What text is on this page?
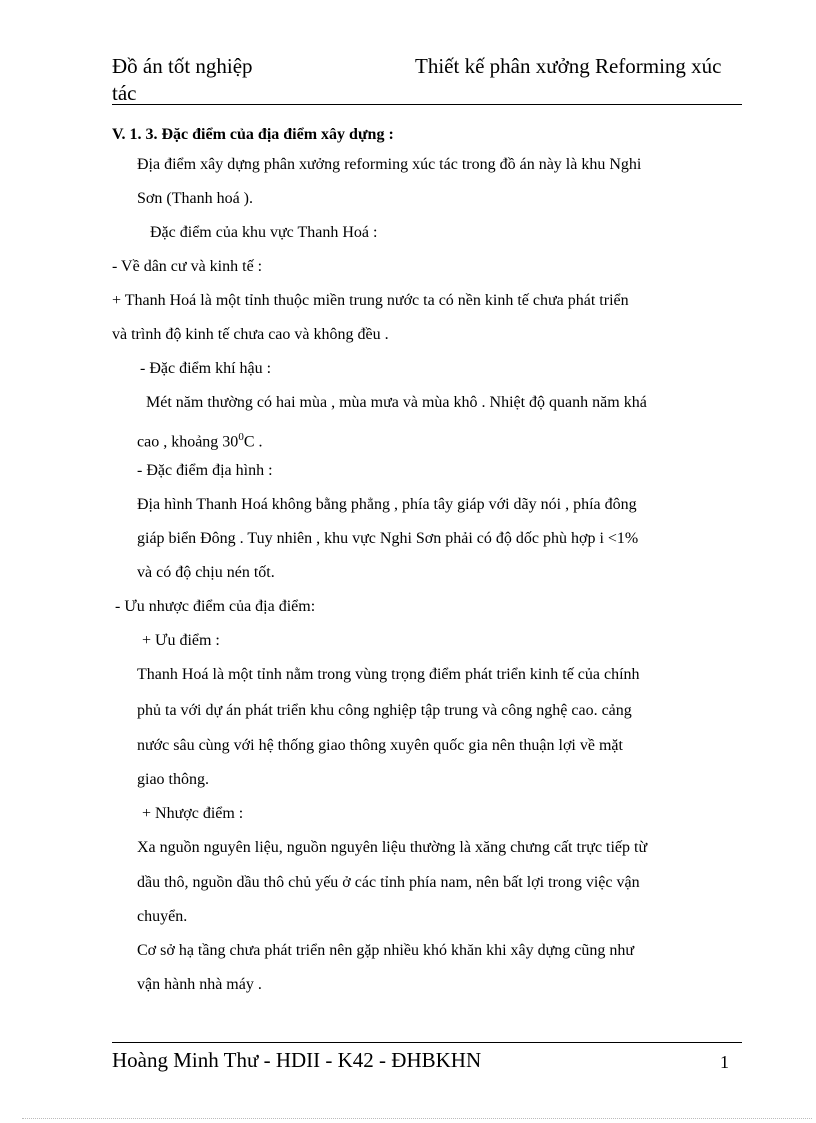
Đồ án tốt nghiệp tác
Thiết kế phân xưởng Reforming xúc
V. 1. 3. Đặc điểm của địa điểm xây dựng :
Địa điểm xây dựng phân xưởng reforming xúc tác trong đồ án này là khu Nghi
Sơn (Thanh hoá ).
Đặc điểm của khu vực Thanh Hoá :
- Về dân cư và kinh tế :
+ Thanh Hoá là một tỉnh thuộc miền trung nước ta có nền kinh tế chưa phát triển
và trình độ kinh tế chưa cao và không đều .
- Đặc điểm khí hậu :
Mét năm thường có hai mùa , mùa mưa và mùa khô . Nhiệt độ quanh năm khá
cao , khoảng $30^0C$ .
- Đặc điểm địa hình :
Địa hình Thanh Hoá không bằng phẳng , phía tây giáp với dãy nói , phía đông
giáp biển Đông . Tuy nhiên , khu vực Nghi Sơn phải có độ dốc phù hợp i <1%
và có độ chịu nén tốt.
- Ưu nhược điểm của địa điểm:
+ Ưu điểm :
Thanh Hoá là một tỉnh nằm trong vùng trọng điểm phát triển kinh tế của chính
phủ ta với dự án phát triển khu công nghiệp tập trung và công nghệ cao. cảng
nước sâu cùng với hệ thống giao thông xuyên quốc gia nên thuận lợi về mặt
giao thông.
+ Nhược điểm :
Xa nguồn nguyên liệu, nguồn nguyên liệu thường là xăng chưng cất trực tiếp từ
dầu thô, nguồn dầu thô chủ yếu ở các tỉnh phía nam, nên bất lợi trong việc vận
chuyển.
Cơ sở hạ tầng chưa phát triển nên gặp nhiều khó khăn khi xây dựng cũng như
vận hành nhà máy .
Hoàng Minh Thư - HDII - K42 - ĐHBKHN	1
